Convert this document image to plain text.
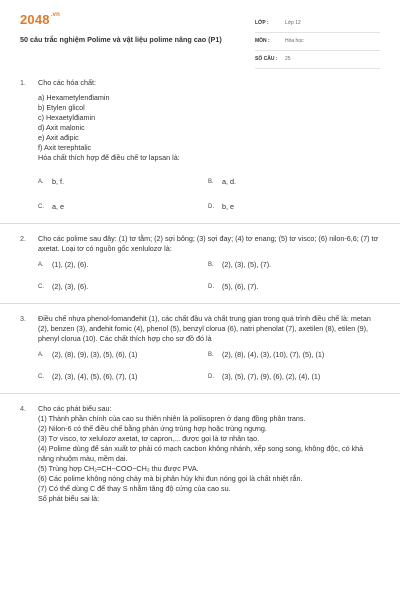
$2048^{.vn}$
50 câu trắc nghiệm Polime và vật liệu polime nâng cao (P1)
LỚP :	Lớp 12
MÔN :	Hóa học
SỐ CÂU : 25
1. Cho các hóa chất:
a) Hexametylenđiamin
b) Etylen glicol
c) Hexaetylđiamin
d) Axit malonic
e) Axit ađipic
f) Axit terephtalic
Hóa chất thích hợp để điều chế tơ lapsan là:
A.	b, f.	B.	a, d.
C.	a, e	D.	b, e
2. Cho các polime sau đây: (1) tơ tằm; (2) sợi bông; (3) sợi đay; (4) tơ enang; (5) tơ visco; (6) nilon-6,6; (7) tơ axetat. Loại tơ có nguồn gốc xenlulozơ là:
A.	(1), (2), (6).	B.	(2), (3), (5), (7).
C.	(2), (3), (6).	D.	(5), (6), (7).
3. Điều chế nhựa phenol-fomanđehit (1), các chất đầu và chất trung gian trong quá trình điều chế là: metan (2), benzen (3), anđehit fomic (4), phenol (5), benzyl clorua (6), natri phenolat (7), axetilen (8), etilen (9), phenyl clorua (10). Các chất thích hợp cho sơ đồ đó là
A.	(2), (8), (9), (3), (5), (6), (1)	B.	(2), (8), (4), (3), (10), (7), (5), (1)
C.	(2), (3), (4), (5), (6), (7), (1)	D.	(3), (5), (7), (9), (6), (2), (4), (1)
4. Cho các phát biểu sau:
(1) Thành phần chính của cao su thiên nhiên là poliisopren ở dạng đồng phân trans.
(2) Nilon-6 có thể điều chế bằng phản ứng trùng hợp hoặc trùng ngưng.
(3) Tơ visco, tơ xelulozơ axetat, tơ capron,... được gọi là tơ nhân tạo.
(4) Polime dùng để sản xuất tơ phải có mạch cacbon không nhánh, xếp song song, không độc, có khả năng nhuộm màu, mềm dai.
(5) Trùng hợp CH₂=CH−COO−CH₃ thu được PVA.
(6) Các polime không nóng chảy mà bị phân hủy khi đun nóng gọi là chất nhiệt rắn.
(7) Có thể dùng C để thay S nhằm tăng độ cứng của cao su.
Số phát biểu sai là:
